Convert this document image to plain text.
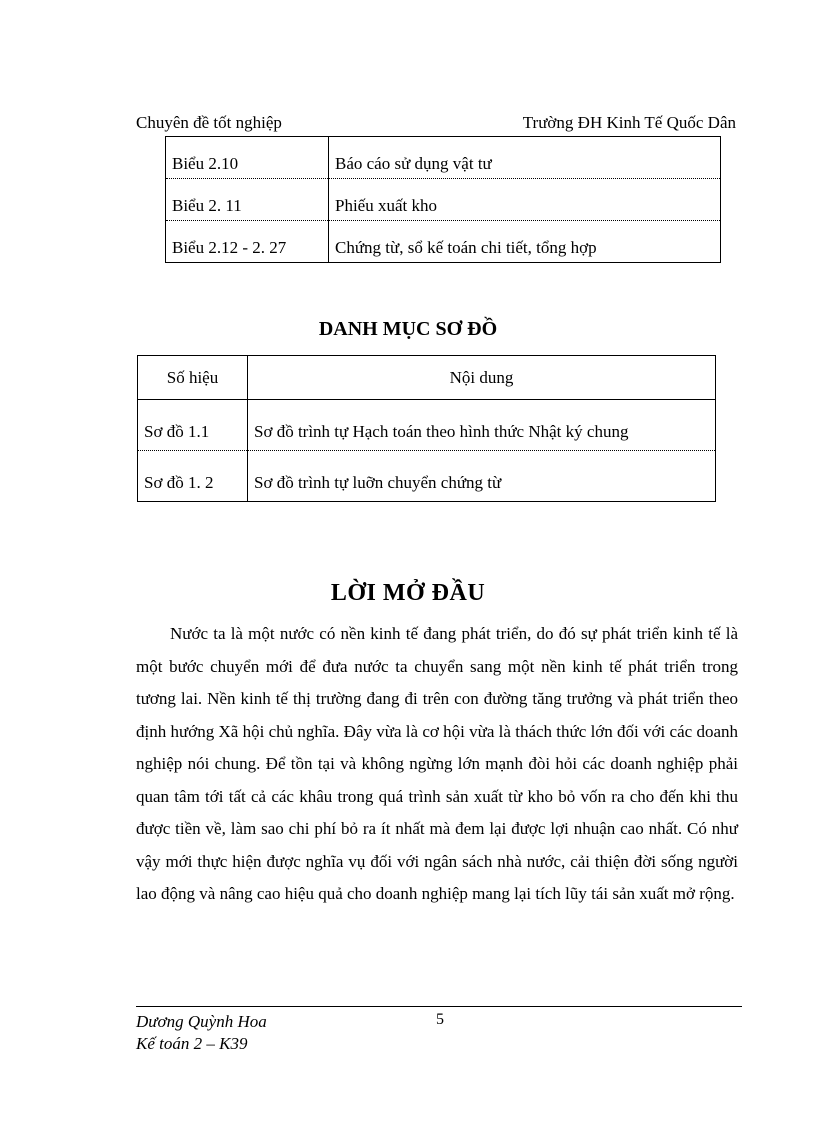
Chuyên đề tốt nghiệp	Trường ĐH Kinh Tế Quốc Dân
Biểu 2.10	Báo cáo sử dụng vật tư
Biểu 2. 11	Phiếu xuất kho
Biểu 2.12 - 2. 27	Chứng từ, sổ kế toán chi tiết, tổng hợp
DANH MỤC SƠ ĐỒ
Số hiệu	Nội dung
Sơ đồ 1.1	Sơ đồ trình tự Hạch toán theo hình thức Nhật ký chung
Sơ đồ 1. 2	Sơ đồ trình tự luỡn chuyển chứng từ
LỜI MỞ ĐẦU

Nước ta là một nước có nền kinh tế đang phát triển, do đó sự phát triển kinh tế là một bước chuyển mới để đưa nước ta chuyển sang một nền kinh tế phát triển trong tương lai. Nền kinh tế thị trường đang đi trên con đường tăng trưởng và phát triển theo định hướng Xã hội chủ nghĩa. Đây vừa là cơ hội vừa là thách thức lớn đối với các doanh nghiệp nói chung. Để tồn tại và không ngừng lớn mạnh đòi hỏi các doanh nghiệp phải quan tâm tới tất cả các khâu trong quá trình sản xuất từ kho bỏ vốn ra cho đến khi thu được tiền về, làm sao chi phí bỏ ra ít nhất mà đem lại được lợi nhuận cao nhất. Có như vậy mới thực hiện được nghĩa vụ đối với ngân sách nhà nước, cải thiện đời sống người lao động và nâng cao hiệu quả cho doanh nghiệp mang lại tích lũy tái sản xuất mở rộng.

Dương Quỳnh Hoa
Kế toán 2 – K39
5
